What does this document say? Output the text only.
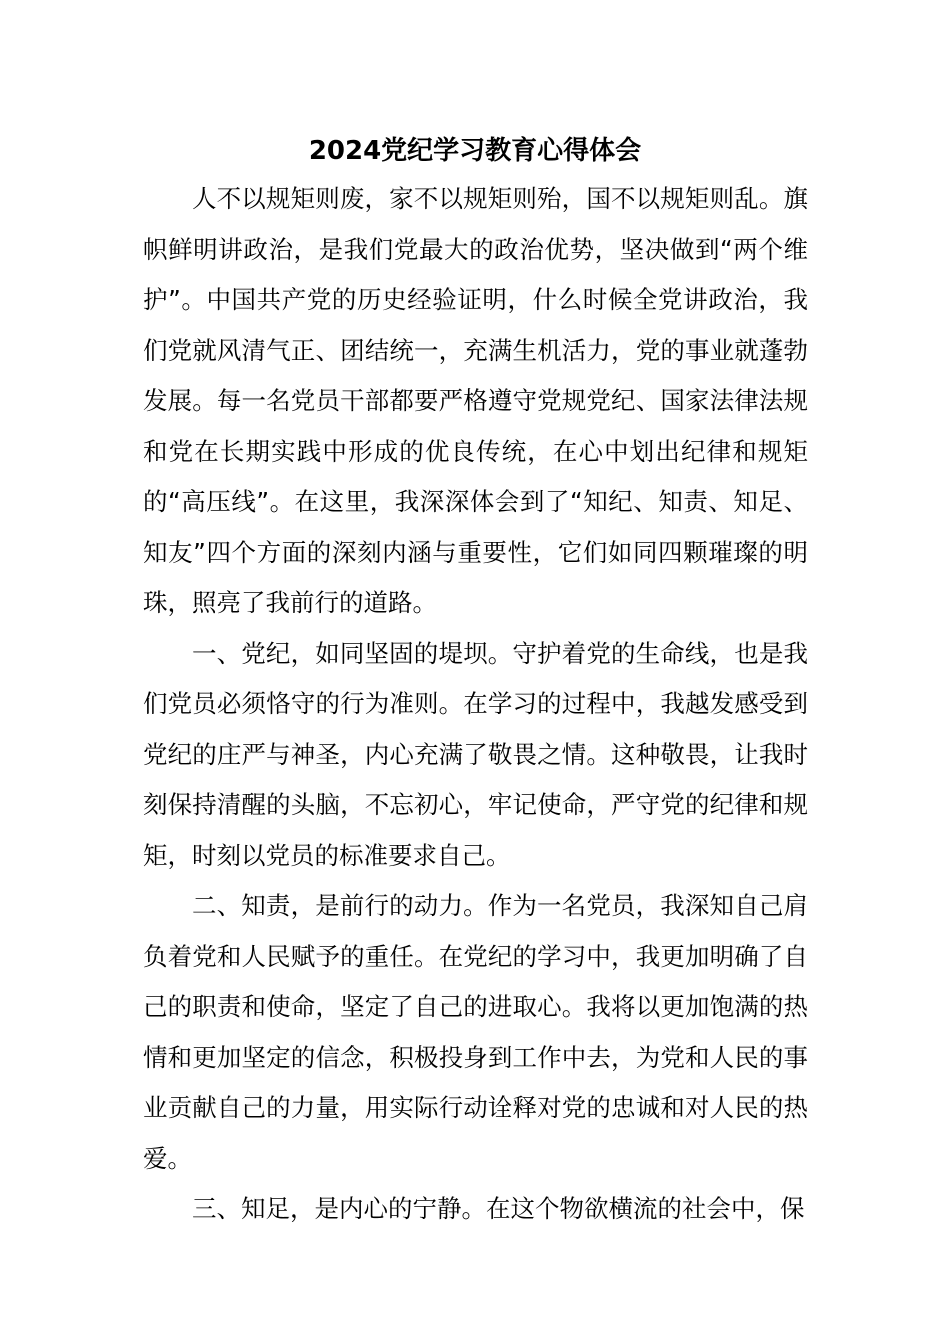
2024党纪学习教育心得体会

人不以规矩则废，家不以规矩则殆，国不以规矩则乱。旗帜鲜明讲政治，是我们党最大的政治优势，坚决做到“两个维护”。中国共产党的历史经验证明，什么时候全党讲政治，我们党就风清气正、团结统一，充满生机活力，党的事业就蓬勃发展。每一名党员干部都要严格遵守党规党纪、国家法律法规和党在长期实践中形成的优良传统，在心中划出纪律和规矩的“高压线”。在这里，我深深体会到了“知纪、知责、知足、知友”四个方面的深刻内涵与重要性，它们如同四颗璀璨的明珠，照亮了我前行的道路。

一、党纪，如同坚固的堤坝。守护着党的生命线，也是我们党员必须恪守的行为准则。在学习的过程中，我越发感受到党纪的庄严与神圣，内心充满了敬畏之情。这种敬畏，让我时刻保持清醒的头脑，不忘初心，牢记使命，严守党的纪律和规矩，时刻以党员的标准要求自己。

二、知责，是前行的动力。作为一名党员，我深知自己肩负着党和人民赋予的重任。在党纪的学习中，我更加明确了自己的职责和使命，坚定了自己的进取心。我将以更加饱满的热情和更加坚定的信念，积极投身到工作中去，为党和人民的事业贡献自己的力量，用实际行动诠释对党的忠诚和对人民的热爱。

三、知足，是内心的宁静。在这个物欲横流的社会中，保
